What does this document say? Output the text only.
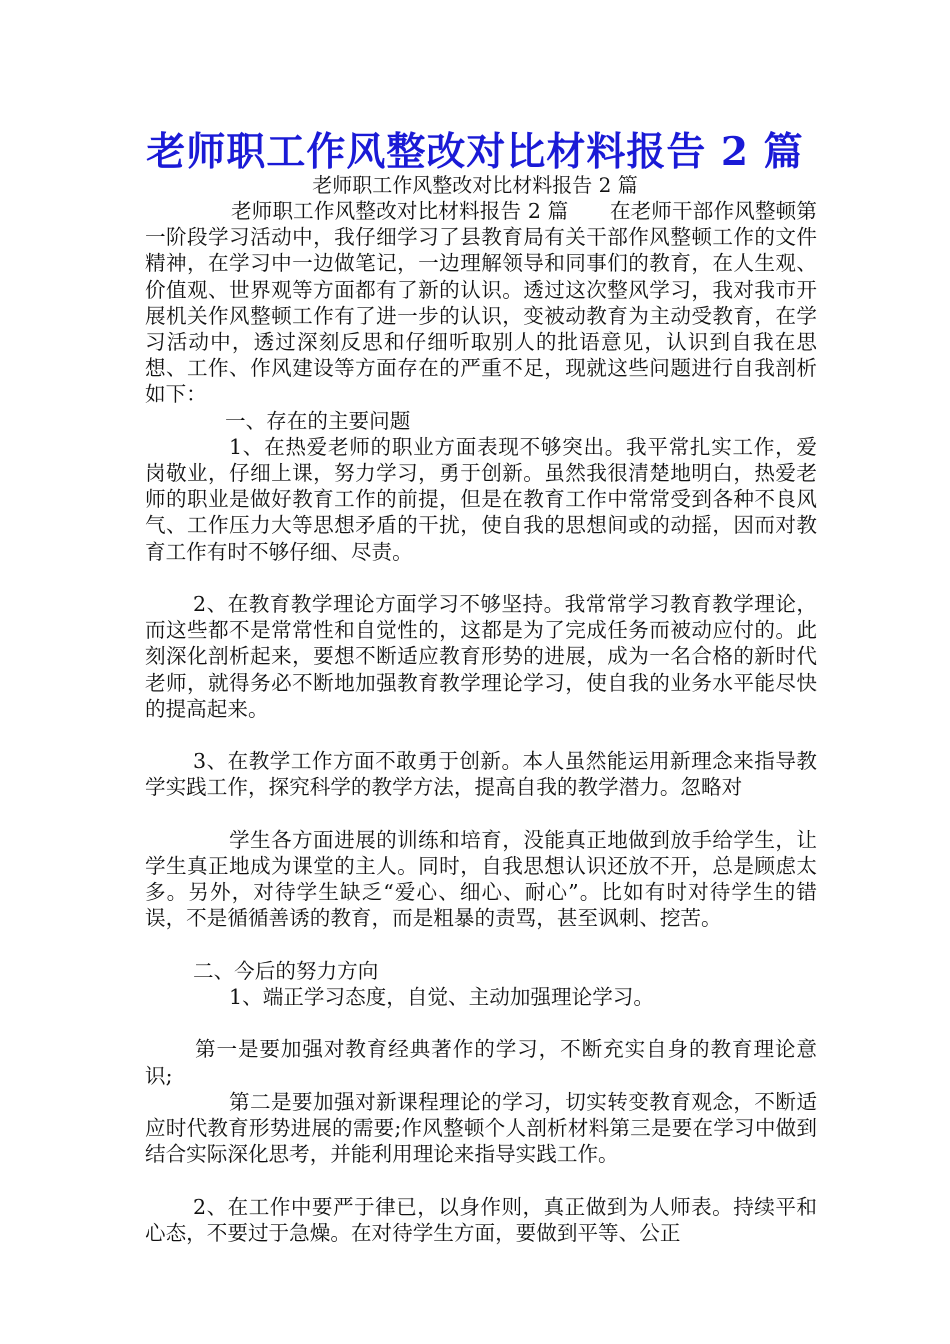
老师职工作风整改对比材料报告 2 篇
老师职工作风整改对比材料报告 2 篇

老师职工作风整改对比材料报告 2 篇　　在老师干部作风整顿第一阶段学习活动中，我仔细学习了县教育局有关干部作风整顿工作的文件精神，在学习中一边做笔记，一边理解领导和同事们的教育，在人生观、价值观、世界观等方面都有了新的认识。透过这次整风学习，我对我市开展机关作风整顿工作有了进一步的认识，变被动教育为主动受教育，在学习活动中，透过深刻反思和仔细听取别人的批语意见，认识到自我在思想、工作、作风建设等方面存在的严重不足，现就这些问题进行自我剖析如下：

一、存在的主要问题

1、在热爱老师的职业方面表现不够突出。我平常扎实工作，爱岗敬业，仔细上课，努力学习，勇于创新。虽然我很清楚地明白，热爱老师的职业是做好教育工作的前提，但是在教育工作中常常受到各种不良风气、工作压力大等思想矛盾的干扰，使自我的思想间或的动摇，因而对教育工作有时不够仔细、尽责。

2、在教育教学理论方面学习不够坚持。我常常学习教育教学理论，而这些都不是常常性和自觉性的，这都是为了完成任务而被动应付的。此刻深化剖析起来，要想不断适应教育形势的进展，成为一名合格的新时代老师，就得务必不断地加强教育教学理论学习，使自我的业务水平能尽快的提高起来。

3、在教学工作方面不敢勇于创新。本人虽然能运用新理念来指导教学实践工作，探究科学的教学方法，提高自我的教学潜力。忽略对

学生各方面进展的训练和培育，没能真正地做到放手给学生，让学生真正地成为课堂的主人。同时，自我思想认识还放不开，总是顾虑太多。另外，对待学生缺乏“爱心、细心、耐心”。比如有时对待学生的错误，不是循循善诱的教育，而是粗暴的责骂，甚至讽刺、挖苦。

二、今后的努力方向

1、端正学习态度，自觉、主动加强理论学习。

第一是要加强对教育经典著作的学习，不断充实自身的教育理论意识;

第二是要加强对新课程理论的学习，切实转变教育观念，不断适应时代教育形势进展的需要;作风整顿个人剖析材料第三是要在学习中做到结合实际深化思考，并能利用理论来指导实践工作。

2、在工作中要严于律已，以身作则，真正做到为人师表。持续平和心态，不要过于急燥。在对待学生方面，要做到平等、公正
